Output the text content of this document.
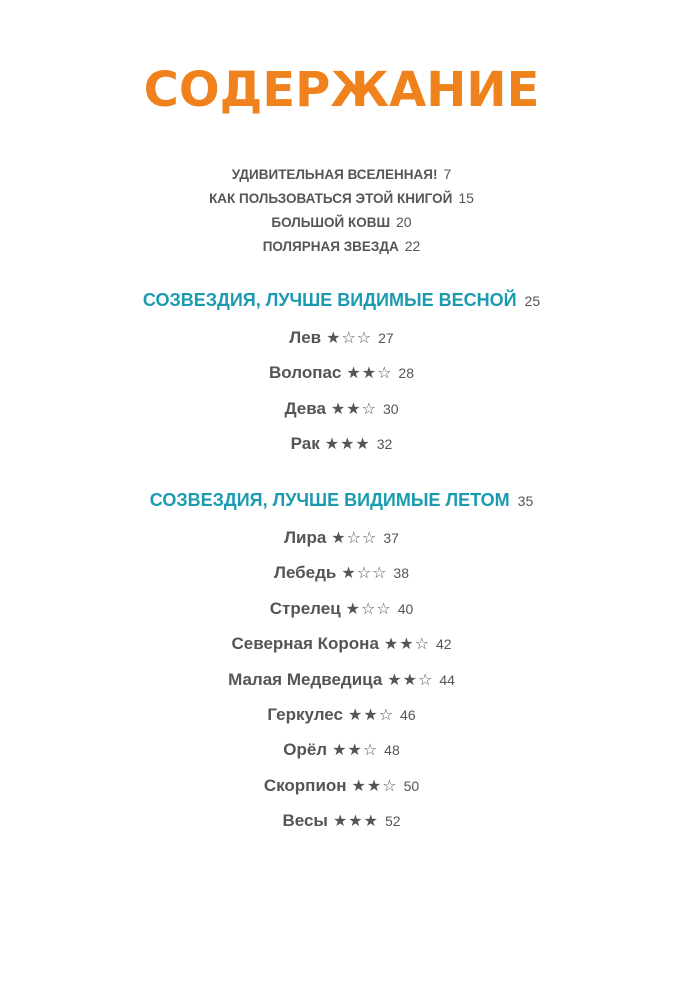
СОДЕРЖАНИЕ
УДИВИТЕЛЬНАЯ ВСЕЛЕННАЯ! 7
КАК ПОЛЬЗОВАТЬСЯ ЭТОЙ КНИГОЙ 15
БОЛЬШОЙ КОВШ 20
ПОЛЯРНАЯ ЗВЕЗДА 22
СОЗВЕЗДИЯ, ЛУЧШЕ ВИДИМЫЕ ВЕСНОЙ 25
Лев ★☆☆ 27
Волопас ★★☆ 28
Дева ★★☆ 30
Рак ★★★ 32
СОЗВЕЗДИЯ, ЛУЧШЕ ВИДИМЫЕ ЛЕТОМ 35
Лира ★☆☆ 37
Лебедь ★☆☆ 38
Стрелец ★☆☆ 40
Северная Корона ★★☆ 42
Малая Медведица ★★☆ 44
Геркулес ★★☆ 46
Орёл ★★☆ 48
Скорпион ★★☆ 50
Весы ★★★ 52
